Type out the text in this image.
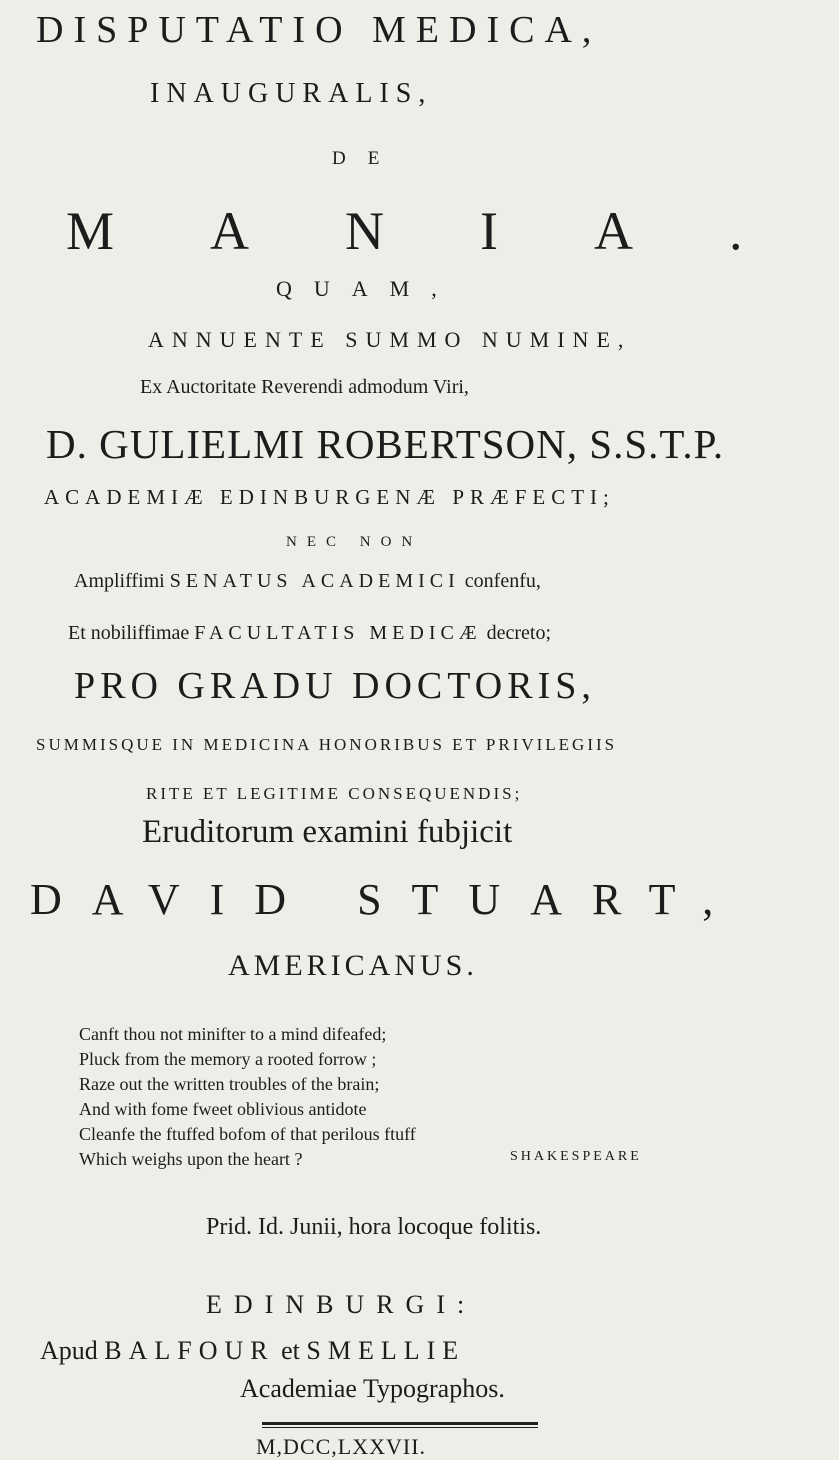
DISPUTATIO MEDICA,
INAUGURALIS,
DE
MANIA.
QUAM,
ANNUENTE SUMMO NUMINE,
Ex Auctoritate Reverendi admodum Viri,
D. GULIELMI ROBERTSON, S.S.T.P.
ACADEMIÆ EDINBURGENÆ PRÆFECTI;
NEC NON
Ampliffimi SENATUS ACADEMICI confenfu,
Et nobiliffimae FACULTATIS MEDICÆ decreto;
PRO GRADU DOCTORIS,
SUMMISQUE IN MEDICINA HONORIBUS ET PRIVILEGIIS
RITE ET LEGITIME CONSEQUENDIS;
Eruditorum examini fubjicit
DAVID STUART,
AMERICANUS.
Canft thou not minifter to a mind difeafed;
Pluck from the memory a rooted forrow ;
Raze out the written troubles of the brain;
And with fome fweet oblivious antidote
Cleanfe the ftuffed bofom of that perilous ftuff
Which weighs upon the heart ?	SHAKESPEARE
Prid. Id. Junii, hora locoque folitis.
EDINBURGI:
Apud BALFOUR et SMELLIE
Academiae Typographos.
M,DCC,LXXVII.
